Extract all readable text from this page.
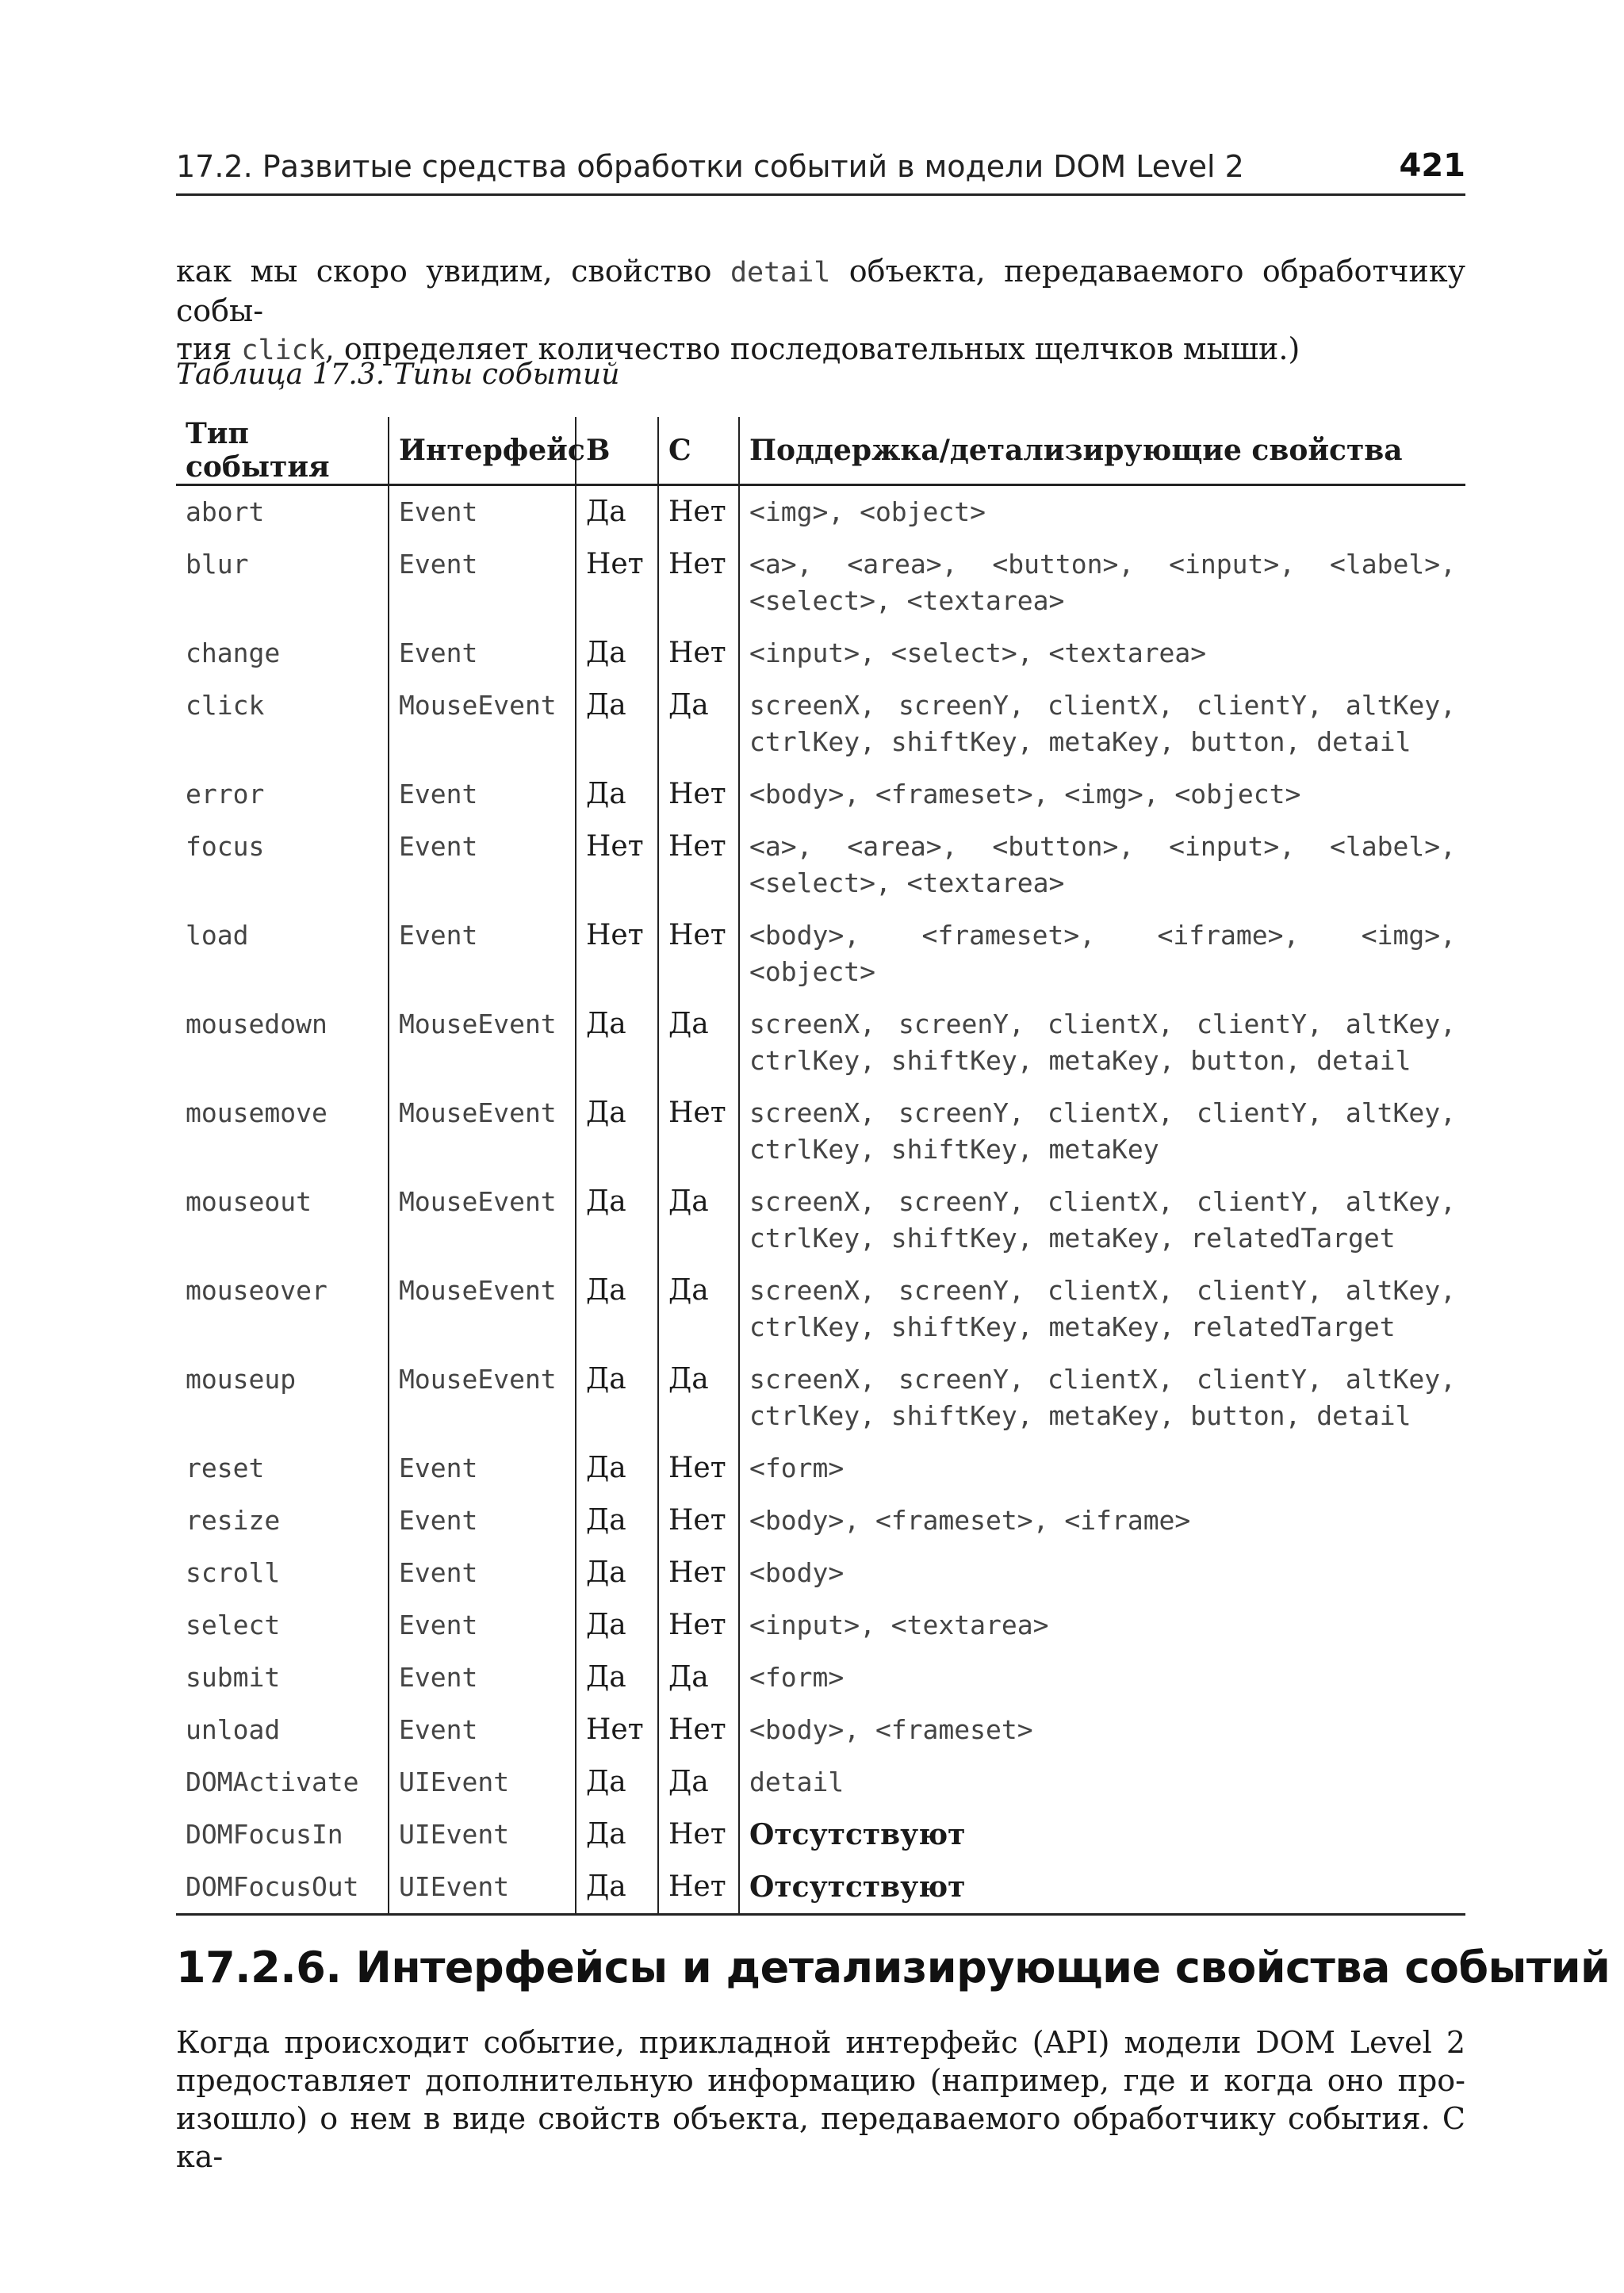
17.2. Развитые средства обработки событий в модели DOM Level 2	421

как мы скоро увидим, свойство detail объекта, передаваемого обработчику собы-
тия click, определяет количество последовательных щелчков мыши.)

Таблица 17.3. Типы событий

Тип события	Интерфейс	B	C	Поддержка/детализирующие свойства
abort	Event	Да	Нет	<img>, <object>
blur	Event	Нет	Нет	<a>, <area>, <button>, <input>, <label>, <select>, <textarea>
change	Event	Да	Нет	<input>, <select>, <textarea>
click	MouseEvent	Да	Да	screenX, screenY, clientX, clientY, altKey, ctrlKey, shiftKey, metaKey, button, detail
error	Event	Да	Нет	<body>, <frameset>, <img>, <object>
focus	Event	Нет	Нет	<a>, <area>, <button>, <input>, <label>, <select>, <textarea>
load	Event	Нет	Нет	<body>, <frameset>, <iframe>, <img>, <object>
mousedown	MouseEvent	Да	Да	screenX, screenY, clientX, clientY, altKey, ctrlKey, shiftKey, metaKey, button, detail
mousemove	MouseEvent	Да	Нет	screenX, screenY, clientX, clientY, altKey, ctrlKey, shiftKey, metaKey
mouseout	MouseEvent	Да	Да	screenX, screenY, clientX, clientY, altKey, ctrlKey, shiftKey, metaKey, relatedTarget
mouseover	MouseEvent	Да	Да	screenX, screenY, clientX, clientY, altKey, ctrlKey, shiftKey, metaKey, relatedTarget
mouseup	MouseEvent	Да	Да	screenX, screenY, clientX, clientY, altKey, ctrlKey, shiftKey, metaKey, button, detail
reset	Event	Да	Нет	<form>
resize	Event	Да	Нет	<body>, <frameset>, <iframe>
scroll	Event	Да	Нет	<body>
select	Event	Да	Нет	<input>, <textarea>
submit	Event	Да	Да	<form>
unload	Event	Нет	Нет	<body>, <frameset>
DOMActivate	UIEvent	Да	Да	detail
DOMFocusIn	UIEvent	Да	Нет	Отсутствуют
DOMFocusOut	UIEvent	Да	Нет	Отсутствуют
17.2.6. Интерфейсы и детализирующие свойства событий

Когда происходит событие, прикладной интерфейс (API) модели DOM Level 2
предоставляет дополнительную информацию (например, где и когда оно про-
изошло) о нем в виде свойств объекта, передаваемого обработчику события. С ка-
